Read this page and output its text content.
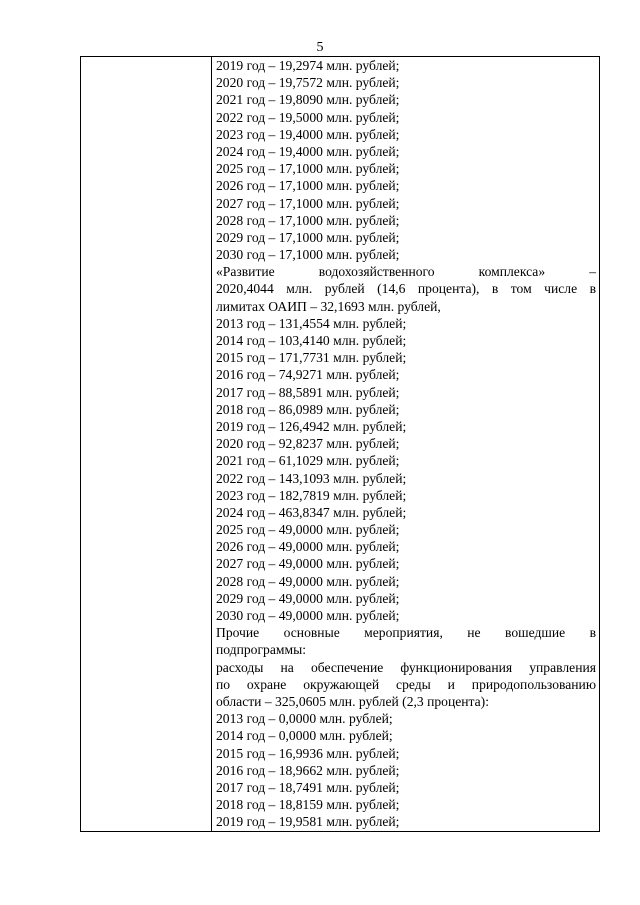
5
2019 год – 19,2974 млн. рублей;
2020 год – 19,7572 млн. рублей;
2021 год – 19,8090 млн. рублей;
2022 год – 19,5000 млн. рублей;
2023 год – 19,4000 млн. рублей;
2024 год – 19,4000 млн. рублей;
2025 год – 17,1000 млн. рублей;
2026 год – 17,1000 млн. рублей;
2027 год – 17,1000 млн. рублей;
2028 год – 17,1000 млн. рублей;
2029 год – 17,1000 млн. рублей;
2030 год – 17,1000 млн. рублей;
«Развитие водохозяйственного комплекса» –
2020,4044 млн. рублей (14,6 процента), в том числе в
лимитах ОАИП – 32,1693 млн. рублей,
2013 год – 131,4554 млн. рублей;
2014 год – 103,4140 млн. рублей;
2015 год – 171,7731 млн. рублей;
2016 год – 74,9271 млн. рублей;
2017 год – 88,5891 млн. рублей;
2018 год – 86,0989 млн. рублей;
2019 год – 126,4942 млн. рублей;
2020 год – 92,8237 млн. рублей;
2021 год – 61,1029 млн. рублей;
2022 год – 143,1093 млн. рублей;
2023 год – 182,7819 млн. рублей;
2024 год – 463,8347 млн. рублей;
2025 год – 49,0000 млн. рублей;
2026 год – 49,0000 млн. рублей;
2027 год – 49,0000 млн. рублей;
2028 год – 49,0000 млн. рублей;
2029 год – 49,0000 млн. рублей;
2030 год – 49,0000 млн. рублей;
Прочие основные мероприятия, не вошедшие в
подпрограммы:
расходы на обеспечение функционирования управления
по охране окружающей среды и природопользованию
области – 325,0605 млн. рублей (2,3 процента):
2013 год – 0,0000 млн. рублей;
2014 год – 0,0000 млн. рублей;
2015 год – 16,9936 млн. рублей;
2016 год – 18,9662 млн. рублей;
2017 год – 18,7491 млн. рублей;
2018 год – 18,8159 млн. рублей;
2019 год – 19,9581 млн. рублей;
